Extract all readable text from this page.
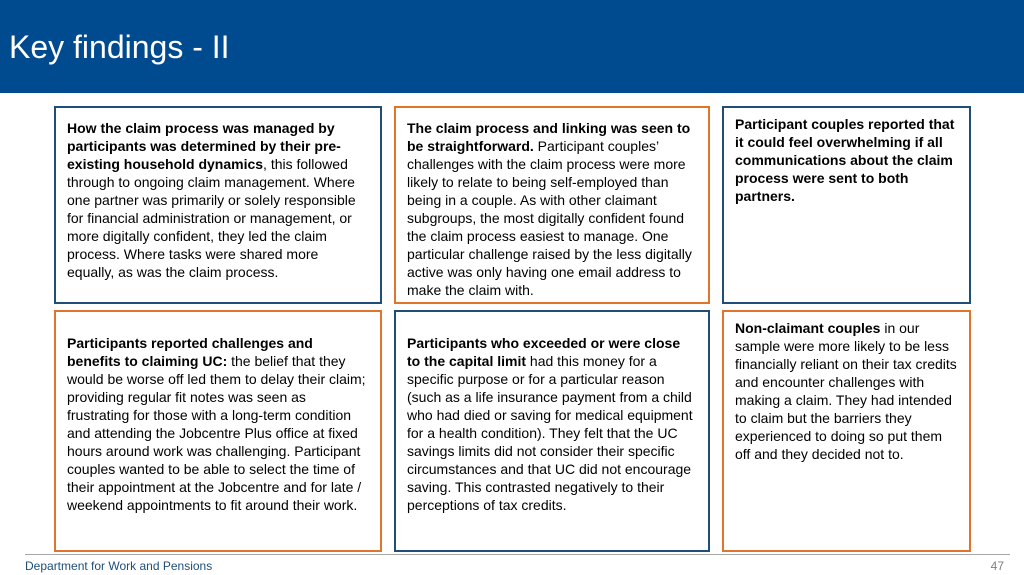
Key findings - II
How the claim process was managed by participants was determined by their pre-existing household dynamics, this followed through to ongoing claim management. Where one partner was primarily or solely responsible for financial administration or management, or more digitally confident, they led the claim process. Where tasks were shared more equally, as was the claim process.
The claim process and linking was seen to be straightforward. Participant couples’ challenges with the claim process were more likely to relate to being self-employed than being in a couple. As with other claimant subgroups, the most digitally confident found the claim process easiest to manage. One particular challenge raised by the less digitally active was only having one email address to make the claim with.
Participant couples reported that it could feel overwhelming if all communications about the claim process were sent to both partners.
Participants reported challenges and benefits to claiming UC: the belief that they would be worse off led them to delay their claim; providing regular fit notes was seen as frustrating for those with a long-term condition and attending the Jobcentre Plus office at fixed hours around work was challenging. Participant couples wanted to be able to select the time of their appointment at the Jobcentre and for late / weekend appointments to fit around their work.
Participants who exceeded or were close to the capital limit had this money for a specific purpose or for a particular reason (such as a life insurance payment from a child who had died or saving for medical equipment for a health condition). They felt that the UC savings limits did not consider their specific circumstances and that UC did not encourage saving. This contrasted negatively to their perceptions of tax credits.
Non-claimant couples in our sample were more likely to be less financially reliant on their tax credits and encounter challenges with making a claim. They had intended to claim but the barriers they experienced to doing so put them off and they decided not to.
Department for Work and Pensions	47
